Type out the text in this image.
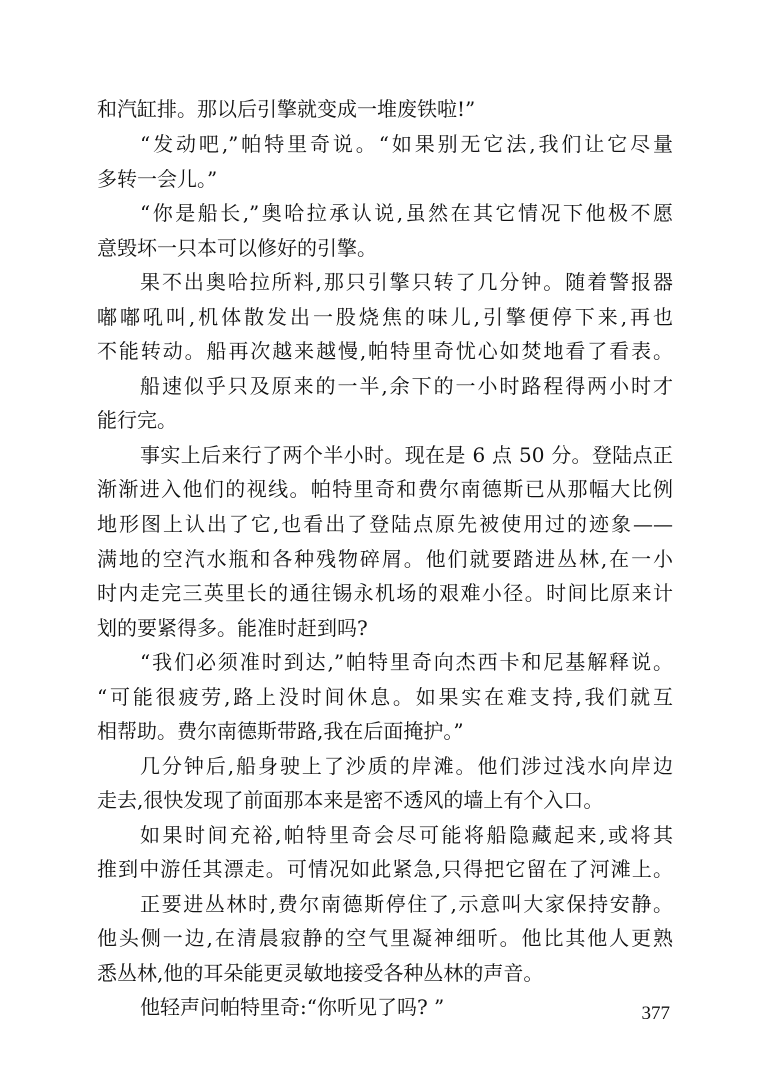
和汽缸排。那以后引擎就变成一堆废铁啦!”
“发动吧,”帕特里奇说。“如果别无它法,我们让它尽量
多转一会儿。”
“你是船长,”奥哈拉承认说,虽然在其它情况下他极不愿
意毁坏一只本可以修好的引擎。
果不出奥哈拉所料,那只引擎只转了几分钟。随着警报器
嘟嘟吼叫,机体散发出一股烧焦的味儿,引擎便停下来,再也
不能转动。船再次越来越慢,帕特里奇忧心如焚地看了看表。
船速似乎只及原来的一半,余下的一小时路程得两小时才
能行完。
事实上后来行了两个半小时。现在是 6 点 50 分。登陆点正
渐渐进入他们的视线。帕特里奇和费尔南德斯已从那幅大比例
地形图上认出了它,也看出了登陆点原先被使用过的迹象——
满地的空汽水瓶和各种残物碎屑。他们就要踏进丛林,在一小
时内走完三英里长的通往锡永机场的艰难小径。时间比原来计
划的要紧得多。能准时赶到吗?
“我们必须准时到达,”帕特里奇向杰西卡和尼基解释说。
“可能很疲劳,路上没时间休息。如果实在难支持,我们就互
相帮助。费尔南德斯带路,我在后面掩护。”
几分钟后,船身驶上了沙质的岸滩。他们涉过浅水向岸边
走去,很快发现了前面那本来是密不透风的墙上有个入口。
如果时间充裕,帕特里奇会尽可能将船隐藏起来,或将其
推到中游任其漂走。可情况如此紧急,只得把它留在了河滩上。
正要进丛林时,费尔南德斯停住了,示意叫大家保持安静。
他头侧一边,在清晨寂静的空气里凝神细听。他比其他人更熟
悉丛林,他的耳朵能更灵敏地接受各种丛林的声音。
他轻声问帕特里奇:“你听见了吗? ”	377
